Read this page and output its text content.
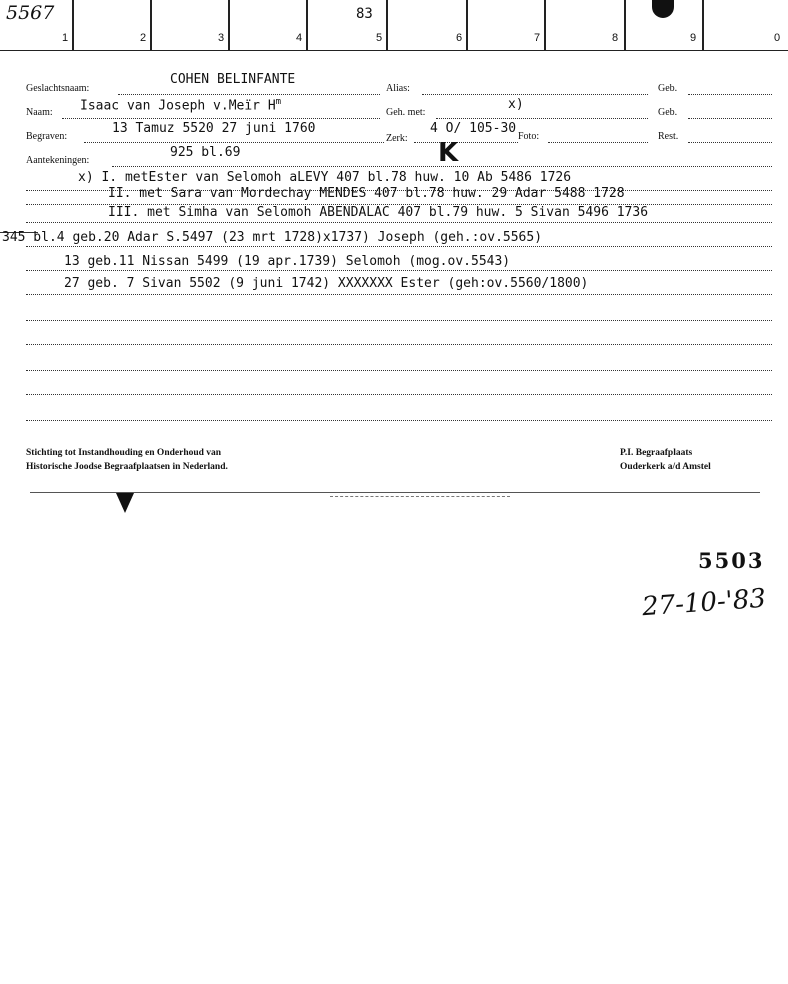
1	2	3	4	5	6	7	8	9	0
5567	83
Geslachtsnaam:
COHEN BELINFANTE
Alias:	Geb.
Naam: Isaac van Joseph v.Meïr $H^m$
Geh. met:
x)
Geb.
Begraven:
13 Tamuz 5520 27 juni 1760
Zerk:
4 O/ 105-30
Foto:	Rest.
Aantekeningen:
925 bl.69	K
x) I. metEster van Selomoh aLEVY 407 bl.78 huw. 10 Ab 5486 1726
II. met Sara van Mordechay MENDES 407 bl.78 huw. 29 Adar 5488 1728
III. met Simha van Selomoh ABENDALAC 407 bl.79 huw. 5 Sivan 5496 1736
345 bl.4 geb.20 Adar S.5497 (23 mrt 1728)x1737) Joseph (geh.:ov.5565)
13 geb.11 Nissan 5499 (19 apr.1739) Selomoh (mog.ov.5543)
27 geb. 7 Sivan 5502 (9 juni 1742) XXXXXXX Ester (geh:ov.5560/1800)
Stichting tot Instandhouding en Onderhoud van
Historische Joodse Begraafplaatsen in Nederland.
P.I. Begraafplaats
Ouderkerk a/d Amstel
5503
27-10-'83
